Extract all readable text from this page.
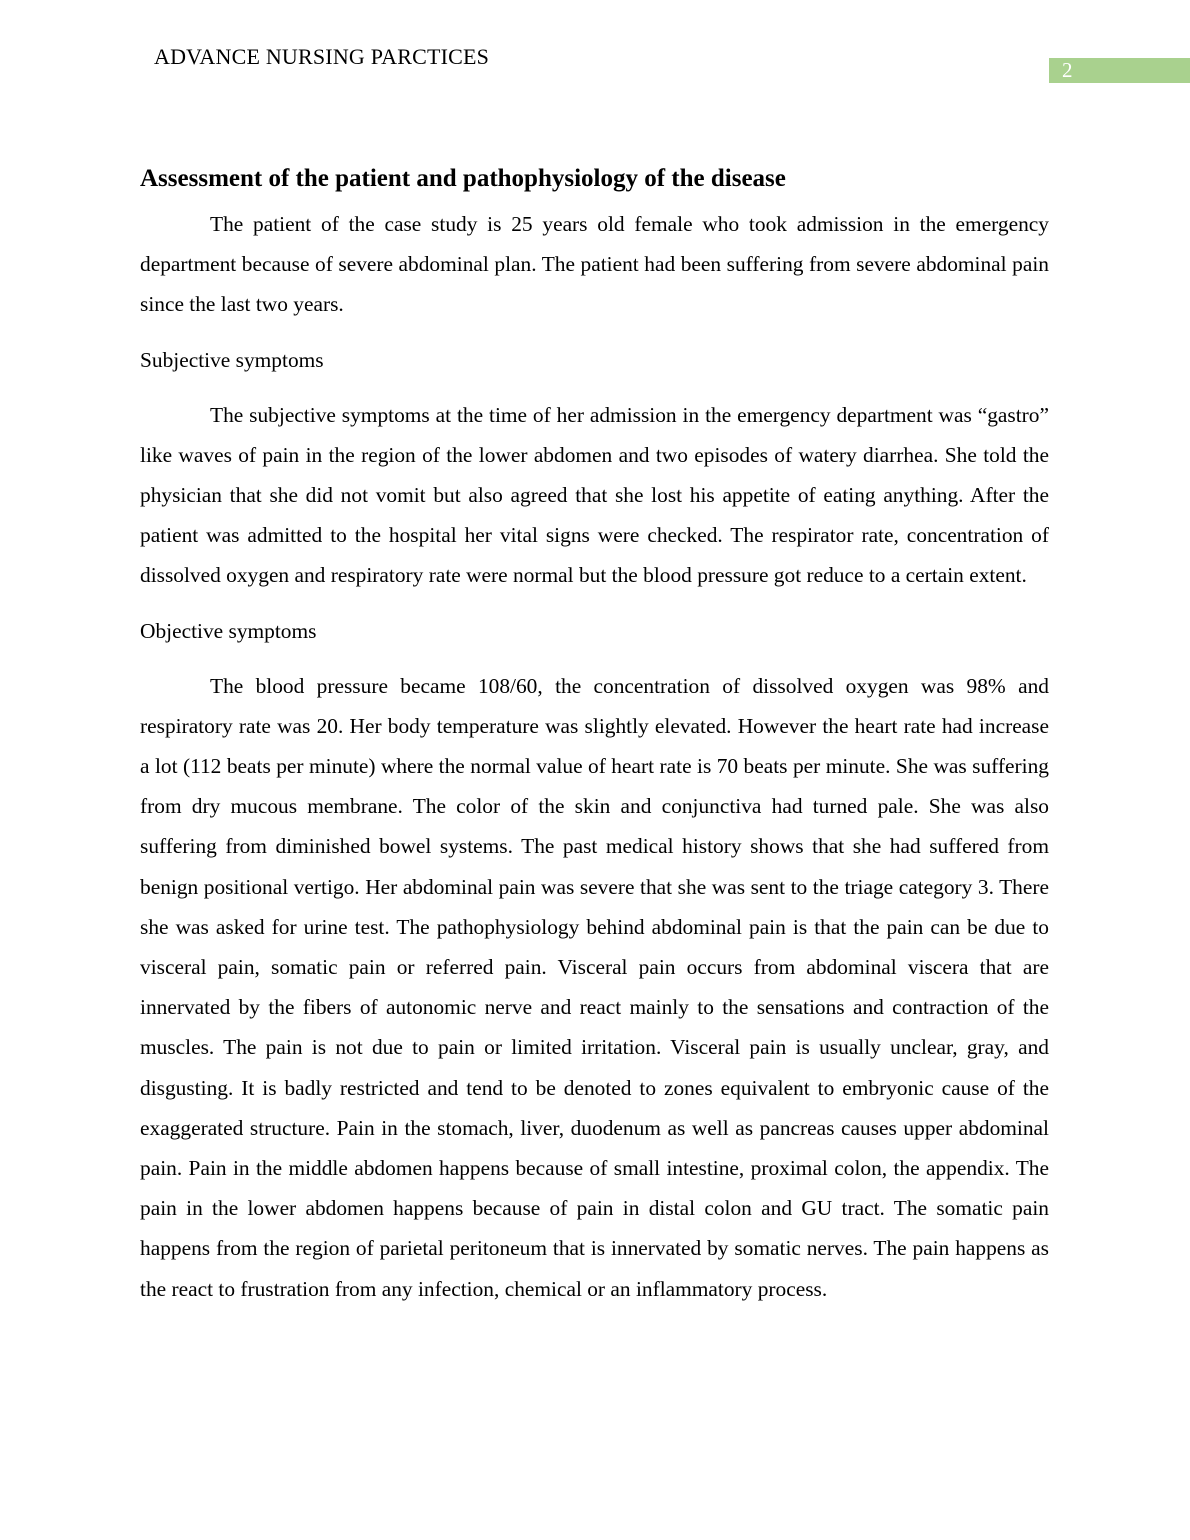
ADVANCE NURSING PARCTICES
2
Assessment of the patient and pathophysiology of the disease

The patient of the case study is 25 years old female who took admission in the emergency department because of severe abdominal plan. The patient had been suffering from severe abdominal pain since the last two years.

Subjective symptoms

The subjective symptoms at the time of her admission in the emergency department was “gastro” like waves of pain in the region of the lower abdomen and two episodes of watery diarrhea. She told the physician that she did not vomit but also agreed that she lost his appetite of eating anything. After the patient was admitted to the hospital her vital signs were checked. The respirator rate, concentration of dissolved oxygen and respiratory rate were normal but the blood pressure got reduce to a certain extent.

Objective symptoms

The blood pressure became 108/60, the concentration of dissolved oxygen was 98% and respiratory rate was 20. Her body temperature was slightly elevated. However the heart rate had increase a lot (112 beats per minute) where the normal value of heart rate is 70 beats per minute. She was suffering from dry mucous membrane. The color of the skin and conjunctiva had turned pale. She was also suffering from diminished bowel systems. The past medical history shows that she had suffered from benign positional vertigo. Her abdominal pain was severe that she was sent to the triage category 3. There she was asked for urine test. The pathophysiology behind abdominal pain is that the pain can be due to visceral pain, somatic pain or referred pain. Visceral pain occurs from abdominal viscera that are innervated by the fibers of autonomic nerve and react mainly to the sensations and contraction of the muscles. The pain is not due to pain or limited irritation. Visceral pain is usually unclear, gray, and disgusting. It is badly restricted and tend to be denoted to zones equivalent to embryonic cause of the exaggerated structure. Pain in the stomach, liver, duodenum as well as pancreas causes upper abdominal pain. Pain in the middle abdomen happens because of small intestine, proximal colon, the appendix. The pain in the lower abdomen happens because of pain in distal colon and GU tract. The somatic pain happens from the region of parietal peritoneum that is innervated by somatic nerves. The pain happens as the react to frustration from any infection, chemical or an inflammatory process.
